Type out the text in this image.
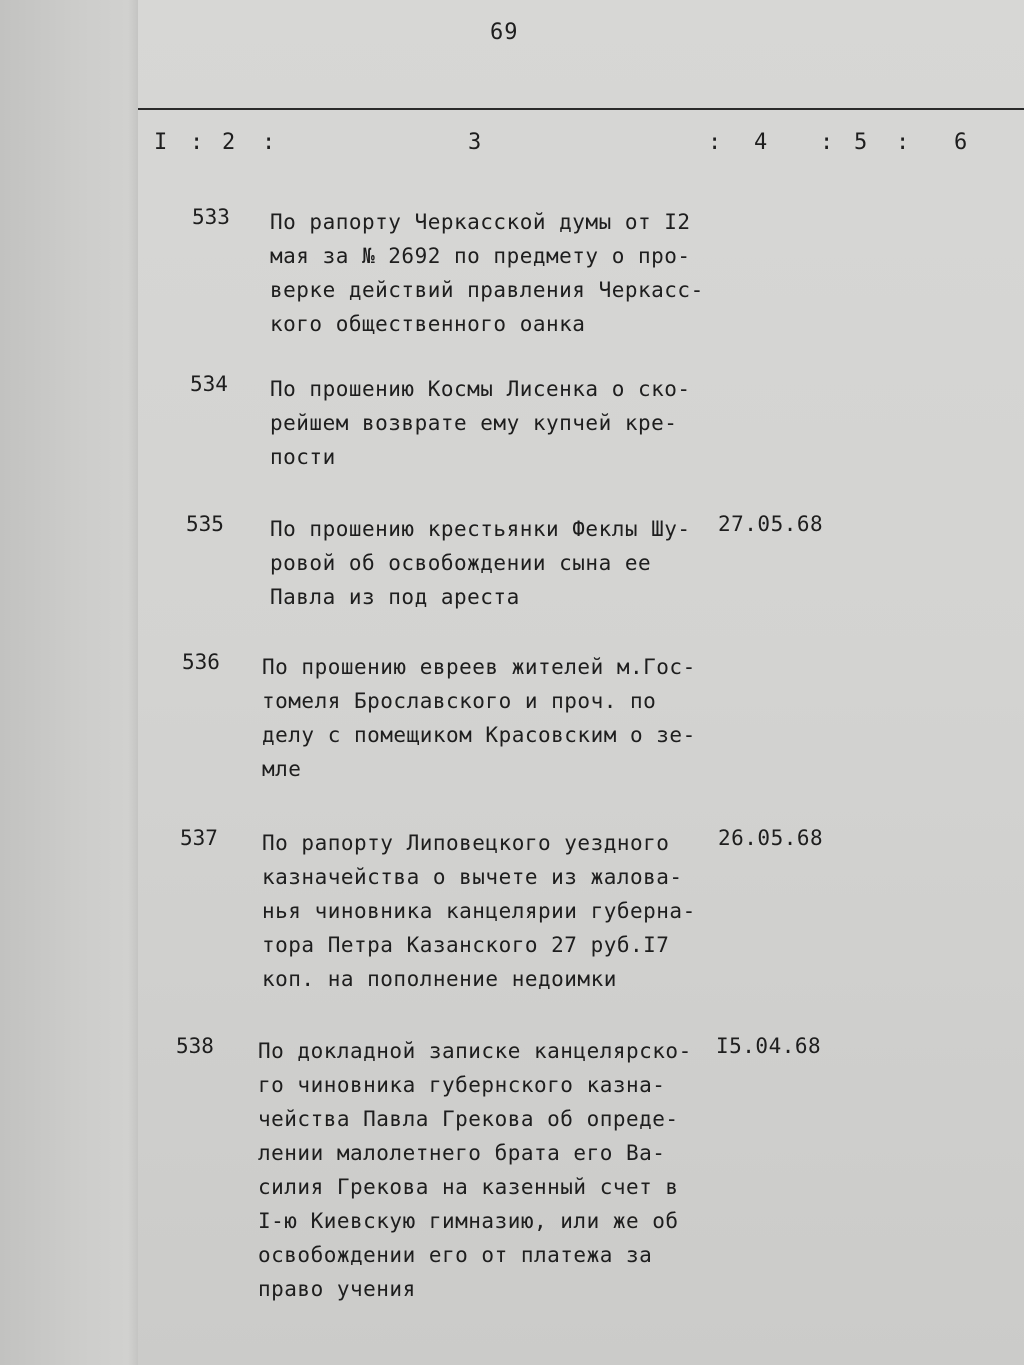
69
I : 2 :	3	: 4 : 5 : 6
533 По рапорту Черкасской думы от I2
мая за № 2692 по предмету о про-
верке действий правления Черкасс-
кого общественного оанка
534 По прошению Космы Лисенка о ско-
рейшем возврате ему купчей кре-
пости
535 По прошению крестьянки Феклы Шу-
ровой об освобождении сына ее
Павла из под ареста
27.05.68
536 По прошению евреев жителей м.Гос-
томеля Брославского и проч. по
делу с помещиком Красовским о зе-
мле
537 По рапорту Липовецкого уездного
казначейства о вычете из жалова-
нья чиновника канцелярии губерна-
тора Петра Казанского 27 руб.I7
коп. на пополнение недоимки
26.05.68
538 По докладной записке канцелярско-
го чиновника губернского казна-
чейства Павла Грекова об опреде-
лении малолетнего брата его Ва-
силия Грекова на казенный счет в
I-ю Киевскую гимназию, или же об
освобождении его от платежа за
право учения
I5.04.68
